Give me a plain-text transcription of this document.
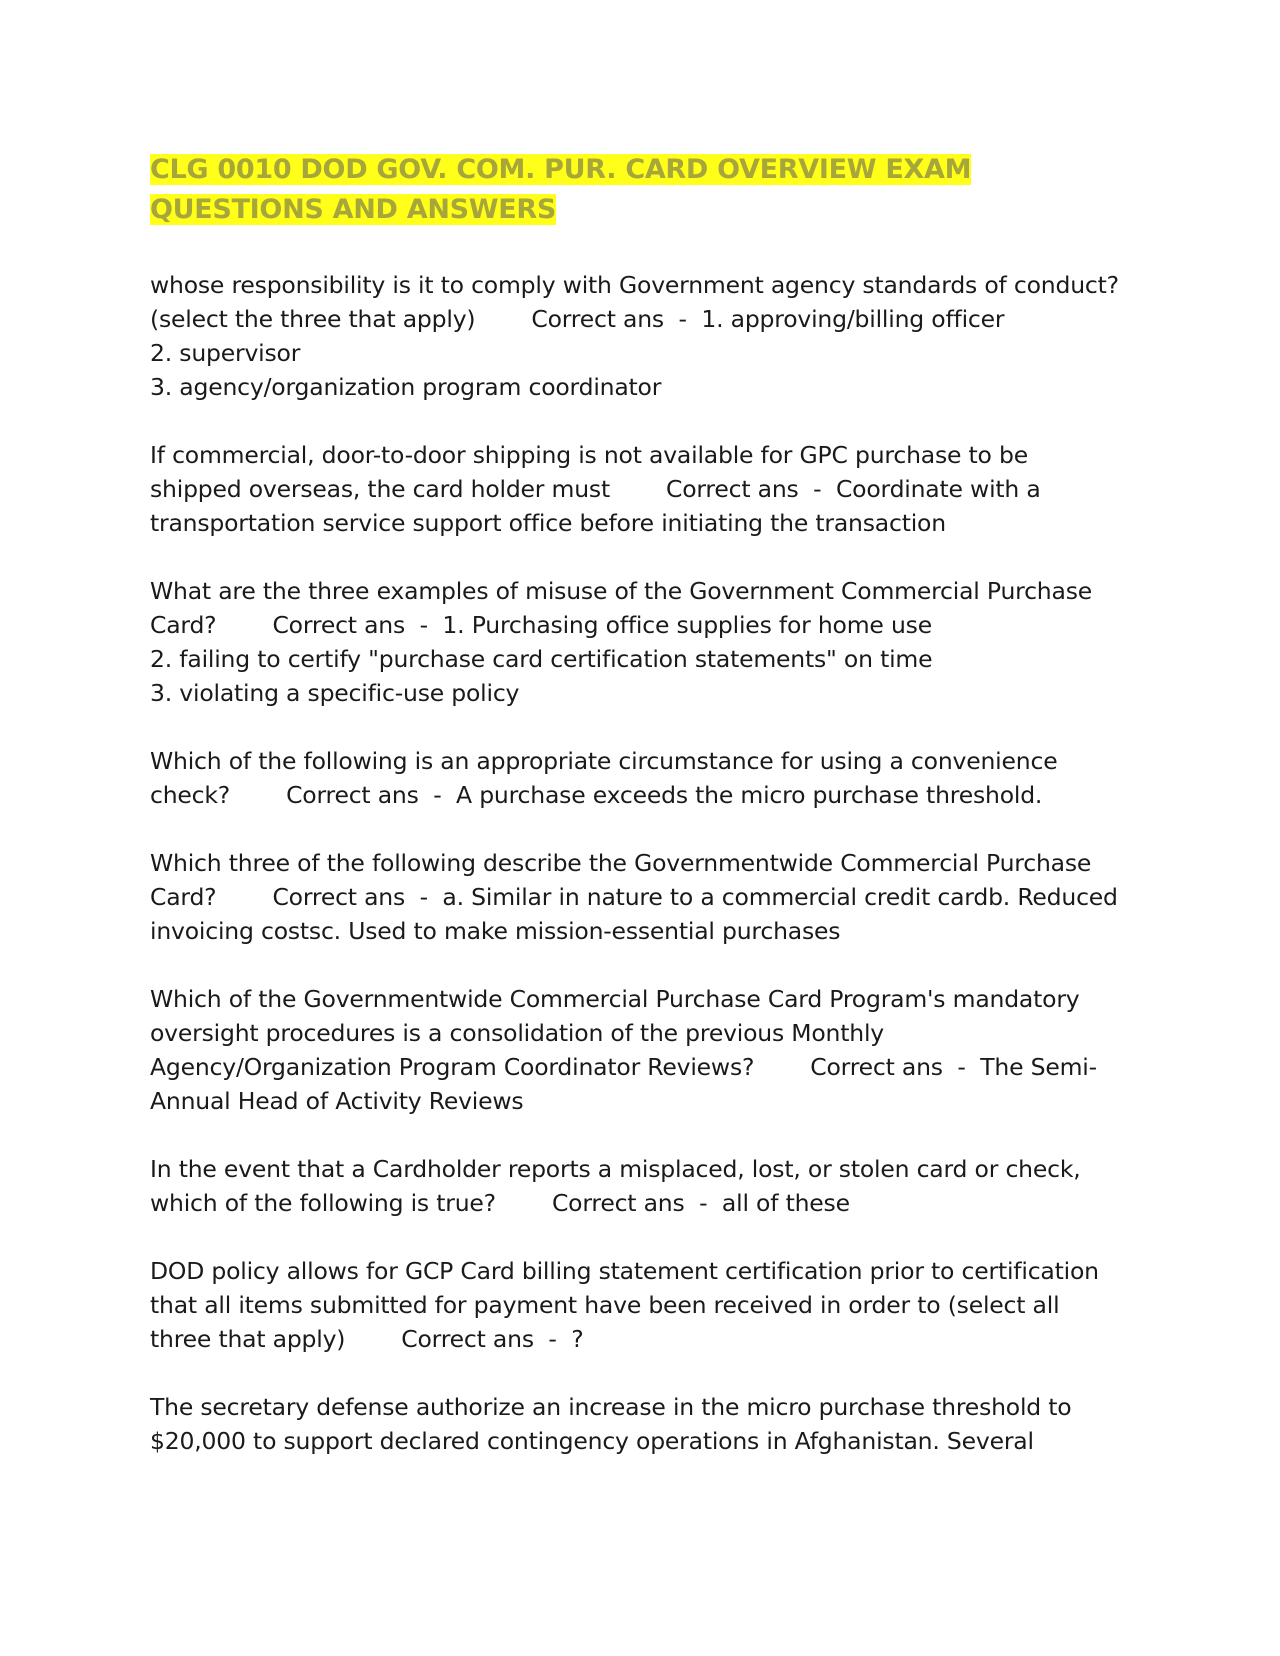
CLG 0010 DOD GOV. COM. PUR. CARD OVERVIEW EXAM QUESTIONS AND ANSWERS
whose responsibility is it to comply with Government agency standards of conduct? (select the three that apply) Correct ans  -  1. approving/billing officer
2. supervisor
3. agency/organization program coordinator
If commercial, door-to-door shipping is not available for GPC purchase to be shipped overseas, the card holder must Correct ans  -  Coordinate with a transportation service support office before initiating the transaction
What are the three examples of misuse of the Government Commercial Purchase Card? Correct ans  -  1. Purchasing office supplies for home use
2. failing to certify "purchase card certification statements" on time
3. violating a specific-use policy
Which of the following is an appropriate circumstance for using a convenience check? Correct ans  -  A purchase exceeds the micro purchase threshold.
Which three of the following describe the Governmentwide Commercial Purchase Card? Correct ans  -  a. Similar in nature to a commercial credit cardb. Reduced invoicing costsc. Used to make mission-essential purchases
Which of the Governmentwide Commercial Purchase Card Program's mandatory oversight procedures is a consolidation of the previous Monthly Agency/Organization Program Coordinator Reviews? Correct ans  -  The Semi-Annual Head of Activity Reviews
In the event that a Cardholder reports a misplaced, lost, or stolen card or check, which of the following is true? Correct ans  -  all of these
DOD policy allows for GCP Card billing statement certification prior to certification that all items submitted for payment have been received in order to (select all three that apply) Correct ans  -  ?
The secretary defense authorize an increase in the micro purchase threshold to $20,000 to support declared contingency operations in Afghanistan. Several
